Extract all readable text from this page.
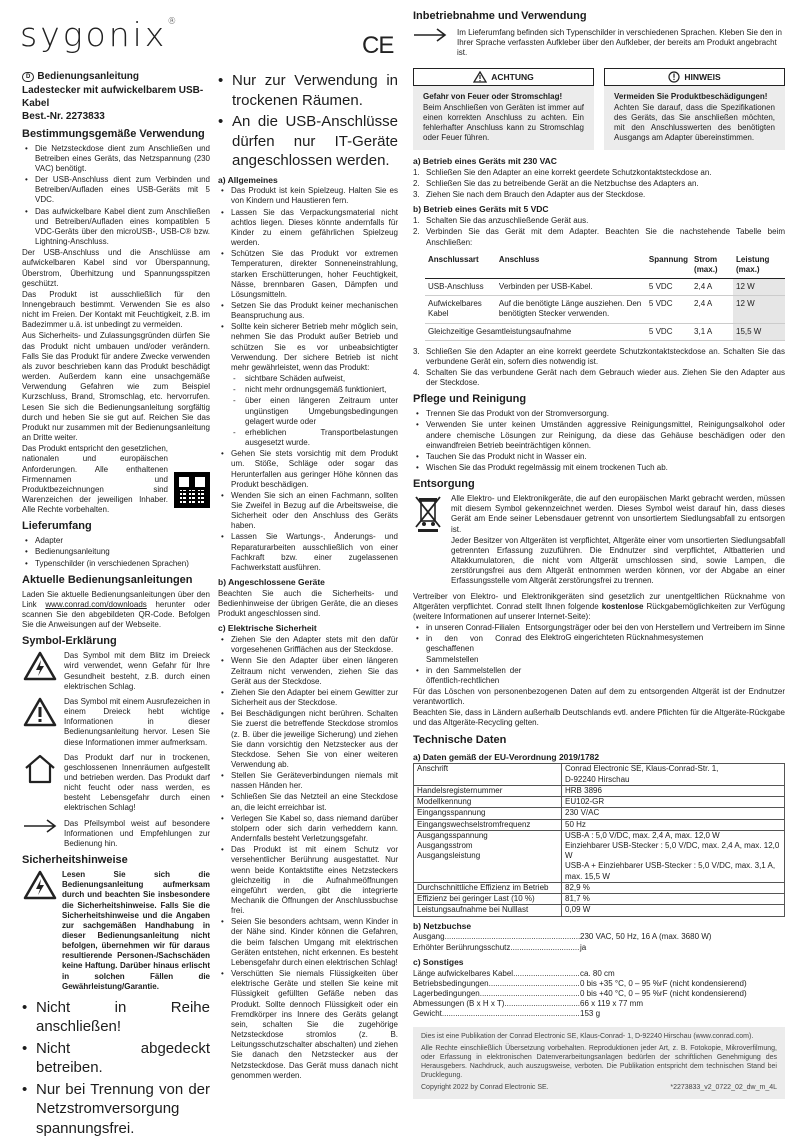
sygonix®
CE
D Bedienungsanleitung
Ladestecker mit aufwickelbarem USB-Kabel
Best.-Nr. 2273833
Bestimmungsgemäße Verwendung
• Die Netzsteckdose dient zum Anschließen und Betreiben eines Geräts, das Netzspannung (230 VAC) benötigt.
• Der USB-Anschluss dient zum Verbinden und Betreiben/Aufladen eines USB-Geräts mit 5 VDC.
• Das aufwickelbare Kabel dient zum Anschließen und Betreiben/Aufladen eines kompatiblen 5 VDC-Geräts über den microUSB-, USB-C® bzw. Lightning-Anschluss.

Der USB-Anschluss und die Anschlüsse am aufwickelbaren Kabel sind vor Überspannung, Überstrom, Überhitzung und Spannungsspitzen geschützt.

Das Produkt ist ausschließlich für den Innengebrauch bestimmt. Verwenden Sie es also nicht im Freien. Der Kontakt mit Feuchtigkeit, z.B. im Badezimmer u.ä. ist unbedingt zu vermeiden.

Aus Sicherheits- und Zulassungsgründen dürfen Sie das Produkt nicht umbauen und/oder verändern. Falls Sie das Produkt für andere Zwecke verwenden als zuvor beschrieben kann das Produkt beschädigt werden. Außerdem kann eine unsachgemäße Verwendung Gefahren wie zum Beispiel Kurzschluss, Brand, Stromschlag, etc. hervorrufen. Lesen Sie sich die Bedienungsanleitung sorgfältig durch und heben Sie sie gut auf. Reichen Sie das Produkt nur zusammen mit der Bedienungsanleitung an Dritte weiter.

Das Produkt entspricht den gesetzlichen, nationalen und europäischen Anforderungen. Alle enthaltenen Firmennamen und Produktbezeichnungen sind Warenzeichen der jeweiligen Inhaber. Alle Rechte vorbehalten.

Lieferumfang
• Adapter
• Bedienungsanleitung
• Typenschilder (in verschiedenen Sprachen)
Aktuelle Bedienungsanleitungen

Laden Sie aktuelle Bedienungsanleitungen über den Link www.conrad.com/downloads herunter oder scannen Sie den abgebildeten QR-Code. Befolgen Sie die Anweisungen auf der Webseite.

Symbol-Erklärung
Das Symbol mit dem Blitz im Dreieck wird verwendet, wenn Gefahr für Ihre Gesundheit besteht, z.B. durch einen elektrischen Schlag.
Das Symbol mit einem Ausrufezeichen in einem Dreieck hebt wichtige Informationen in dieser Bedienungsanleitung hervor. Lesen Sie diese Informationen immer aufmerksam.
Das Produkt darf nur in trockenen, geschlossenen Innenräumen aufgestellt und betrieben werden. Das Produkt darf nicht feucht oder nass werden, es besteht Lebensgefahr durch einen elektrischen Schlag!
Das Pfeilsymbol weist auf besondere Informationen und Empfehlungen zur Bedienung hin.
Sicherheitshinweise
Lesen Sie sich die Bedienungsanleitung aufmerksam durch und beachten Sie insbesondere die Sicherheitshinweise. Falls Sie die Sicherheitshinweise und die Angaben zur sachgemäßen Handhabung in dieser Bedienungsanleitung nicht befolgen, übernehmen wir für daraus resultierende Personen-/Sachschäden keine Haftung. Darüber hinaus erlischt in solchen Fällen die Gewährleistung/Garantie.
• Nicht in Reihe anschließen!
• Nicht abgedeckt betreiben.
• Nur bei Trennung von der Netzstromversorgung spannungsfrei.
• Nur zur Verwendung in trockenen Räumen.
• An die USB-Anschlüsse dürfen nur IT-Geräte angeschlossen werden.
a) Allgemeines
• Das Produkt ist kein Spielzeug. Halten Sie es von Kindern und Haustieren fern.
• Lassen Sie das Verpackungsmaterial nicht achtlos liegen. Dieses könnte andernfalls für Kinder zu einem gefährlichen Spielzeug werden.
• Schützen Sie das Produkt vor extremen Temperaturen, direkter Sonneneinstrahlung, starken Erschütterungen, hoher Feuchtigkeit, Nässe, brennbaren Gasen, Dämpfen und Lösungsmitteln.
• Setzen Sie das Produkt keiner mechanischen Beanspruchung aus.
• Sollte kein sicherer Betrieb mehr möglich sein, nehmen Sie das Produkt außer Betrieb und schützen Sie es vor unbeabsichtigter Verwendung. Der sichere Betrieb ist nicht mehr gewährleistet, wenn das Produkt:
- sichtbare Schäden aufweist,
- nicht mehr ordnungsgemäß funktioniert,
- über einen längeren Zeitraum unter ungünstigen Umgebungsbedingungen gelagert wurde oder
- erheblichen Transportbelastungen ausgesetzt wurde.
• Gehen Sie stets vorsichtig mit dem Produkt um. Stöße, Schläge oder sogar das Herunterfallen aus geringer Höhe können das Produkt beschädigen.
• Wenden Sie sich an einen Fachmann, sollten Sie Zweifel in Bezug auf die Arbeitsweise, die Sicherheit oder den Anschluss des Geräts haben.
• Lassen Sie Wartungs-, Änderungs- und Reparaturarbeiten ausschließlich von einer Fachkraft bzw. einer zugelassenen Fachwerkstatt ausführen.
b) Angeschlossene Geräte

Beachten Sie auch die Sicherheits- und Bedienhinweise der übrigen Geräte, die an dieses Produkt angeschlossen sind.

c) Elektrische Sicherheit
• Ziehen Sie den Adapter stets mit den dafür vorgesehenen Grifflächen aus der Steckdose.
• Wenn Sie den Adapter über einen längeren Zeitraum nicht verwenden, ziehen Sie das Gerät aus der Steckdose.
• Ziehen Sie den Adapter bei einem Gewitter zur Sicherheit aus der Steckdose.
• Bei Beschädigungen nicht berühren. Schalten Sie zuerst die betreffende Steckdose stromlos (z. B. über die jeweilige Sicherung) und ziehen Sie dann vorsichtig den Netzstecker aus der Steckdose. Sehen Sie von einer weiteren Verwendung ab.
• Stellen Sie Geräteverbindungen niemals mit nassen Händen her.
• Schließen Sie das Netzteil an eine Steckdose an, die leicht erreichbar ist.
• Verlegen Sie Kabel so, dass niemand darüber stolpern oder sich darin verheddern kann. Andernfalls besteht Verletzungsgefahr.
• Das Produkt ist mit einem Schutz vor versehentlicher Berührung ausgestattet. Nur wenn beide Kontaktstifte eines Netzsteckers gleichzeitig in die Aufnahmeöffnungen eingeführt werden, gibt die integrierte Mechanik die Öffnungen der Anschlussbuchse frei.
• Seien Sie besonders achtsam, wenn Kinder in der Nähe sind. Kinder können die Gefahren, die beim falschen Umgang mit elektrischen Geräten entstehen, nicht erkennen. Es besteht Lebensgefahr durch einen elektrischen Schlag!
• Verschütten Sie niemals Flüssigkeiten über elektrische Geräte und stellen Sie keine mit Flüssigkeit gefüllten Gefäße neben das Produkt. Sollte dennoch Flüssigkeit oder ein Fremdkörper ins Innere des Geräts gelangt sein, schalten Sie die zugehörige Netzsteckdose stromlos (z. B. Leitungsschutzschalter abschalten) und ziehen Sie danach den Netzstecker aus der Netzsteckdose. Das Gerät muss danach nicht genommen werden.
Inbetriebnahme und Verwendung
Im Lieferumfang befinden sich Typenschilder in verschiedenen Sprachen. Kleben Sie den in Ihrer Sprache verfassten Aufkleber über den Aufkleber, der bereits am Produkt angebracht ist.
ACHTUNG

Gefahr von Feuer oder Stromschlag!
Beim Anschließen von Geräten ist immer auf einen korrekten Anschluss zu achten. Ein fehlerhafter Anschluss kann zu Stromschlag oder Feuer führen.

HINWEIS

Vermeiden Sie Produktbeschädigungen!
Achten Sie darauf, dass die Spezifikationen des Geräts, das Sie anschließen möchten, mit den Anschlusswerten des benötigten Ausgangs am Adapter übereinstimmen.

a) Betrieb eines Geräts mit 230 VAC
1. Schließen Sie den Adapter an eine korrekt geerdete Schutzkontaktsteckdose an.
2. Schließen Sie das zu betreibende Gerät an die Netzbuchse des Adapters an.
3. Ziehen Sie nach dem Brauch den Adapter aus der Steckdose.
b) Betrieb eines Geräts mit 5 VDC
1. Schalten Sie das anzuschließende Gerät aus.
2. Verbinden Sie das Gerät mit dem Adapter. Beachten Sie die nachstehende Tabelle beim Anschließen:
Anschlussart	Anschluss	Spannung	Strom (max.)	Leistung (max.)
USB-Anschluss	Verbinden per USB-Kabel.	5 VDC	2,4 A	12 W
Aufwickelbares Kabel	Auf die benötigte Länge ausziehen. Den benötigten Stecker verwenden.	5 VDC	2,4 A	12 W
Gleichzeitige Gesamtleistungsaufnahme		5 VDC	3,1 A	15,5 W
3. Schließen Sie den Adapter an eine korrekt geerdete Schutzkontaktsteckdose an. Schalten Sie das verbundene Gerät ein, sofern dies notwendig ist.
4. Schalten Sie das verbundene Gerät nach dem Gebrauch wieder aus. Ziehen Sie den Adapter aus der Steckdose.
Pflege und Reinigung
• Trennen Sie das Produkt von der Stromversorgung.
• Verwenden Sie unter keinen Umständen aggressive Reinigungsmittel, Reinigungsalkohol oder andere chemische Lösungen zur Reinigung, da diese das Gehäuse beschädigen oder den einwandfreien Betrieb beeinträchtigen können.
• Tauchen Sie das Produkt nicht in Wasser ein.
• Wischen Sie das Produkt regelmässig mit einem trockenen Tuch ab.
Entsorgung

Alle Elektro- und Elektronikgeräte, die auf den europäischen Markt gebracht werden, müssen mit diesem Symbol gekennzeichnet werden. Dieses Symbol weist darauf hin, dass dieses Gerät am Ende seiner Lebensdauer getrennt von unsortiertem Siedlungsabfall zu entsorgen ist.

Jeder Besitzer von Altgeräten ist verpflichtet, Altgeräte einer vom unsortierten Siedlungsabfall getrennten Erfassung zuzuführen. Die Endnutzer sind verpflichtet, Altbatterien und Altakkumulatoren, die nicht vom Altgerät umschlossen sind, sowie Lampen, die zerstörungsfrei aus dem Altgerät entnommen werden können, vor der Abgabe an einer Erfassungsstelle vom Altgerät zerstörungsfrei zu trennen.

Vertreiber von Elektro- und Elektronikgeräten sind gesetzlich zur unentgeltlichen Rücknahme von Altgeräten verpflichtet. Conrad stellt Ihnen folgende kostenlose Rückgabemöglichkeiten zur Verfügung (weitere Informationen auf unserer Internet-Seite):

• in unseren Conrad-Filialen
• in den von Conrad geschaffenen Sammelstellen
• in den Sammelstellen der öffentlich-rechtlichen

Entsorgungsträger oder bei den von Herstellern und Vertreibern im Sinne des ElektroG eingerichteten Rücknahmesystemen

Für das Löschen von personenbezogenen Daten auf dem zu entsorgenden Altgerät ist der Endnutzer verantwortlich.

Beachten Sie, dass in Ländern außerhalb Deutschlands evtl. andere Pflichten für die Altgeräte-Rückgabe und das Altgeräte-Recycling gelten.

Technische Daten
a) Daten gemäß der EU-Verordnung 2019/1782
Anschrift	Conrad Electronic SE, Klaus-Conrad-Str. 1,
D-92240 Hirschau
Handelsregisternummer	HRB 3896
Modellkennung	EU102-GR
Eingangsspannung	230 V/AC
Eingangswechselstromfrequenz	50 Hz
Ausgangsspannung
Ausgangsstrom
Ausgangsleistung	USB-A : 5,0 V/DC, max. 2,4 A, max. 12,0 W
Einziehbarer USB-Stecker : 5,0 V/DC, max. 2,4 A, max. 12,0 W
USB-A + Einziehbarer USB-Stecker : 5,0 V/DC, max. 3,1 A,
max. 15,5 W
Durchschnittliche Effizienz im Betrieb	82,9 %
Effizienz bei geringer Last (10 %)	81,7 %
Leistungsaufnahme bei Nulllast	0,09 W
b) Netzbuchse
Ausgang .....	230 VAC, 50 Hz, 16 A (max. 3680 W)
Erhöhter Berührungsschutz .....	ja
c) Sonstiges
Länge aufwickelbares Kabel .....	ca. 80 cm
Betriebsbedingungen .....	0 bis +35 °C, 0 – 95 %rF (nicht kondensierend)
Lagerbedingungen .....	0 bis +40 °C, 0 – 95 %rF (nicht kondensierend)
Abmessungen (B x H x T) .....	66 x 119 x 77 mm
Gewicht .....	153 g

Dies ist eine Publikation der Conrad Electronic SE, Klaus-Conrad- 1, D-92240 Hirschau (www.conrad.com).

Alle Rechte einschließlich Übersetzung vorbehalten. Reproduktionen jeder Art, z. B. Fotokopie, Mikroverfilmung, oder Erfassung in elektronischen Datenverarbeitungsanlagen bedürfen der schriftlichen Genehmigung des Herausgebers. Nachdruck, auch auszugsweise, verboten. Die Publikation entspricht dem technischen Stand bei Drucklegung.

Copyright 2022 by Conrad Electronic SE.	*2273833_v2_0722_02_dw_m_4L
